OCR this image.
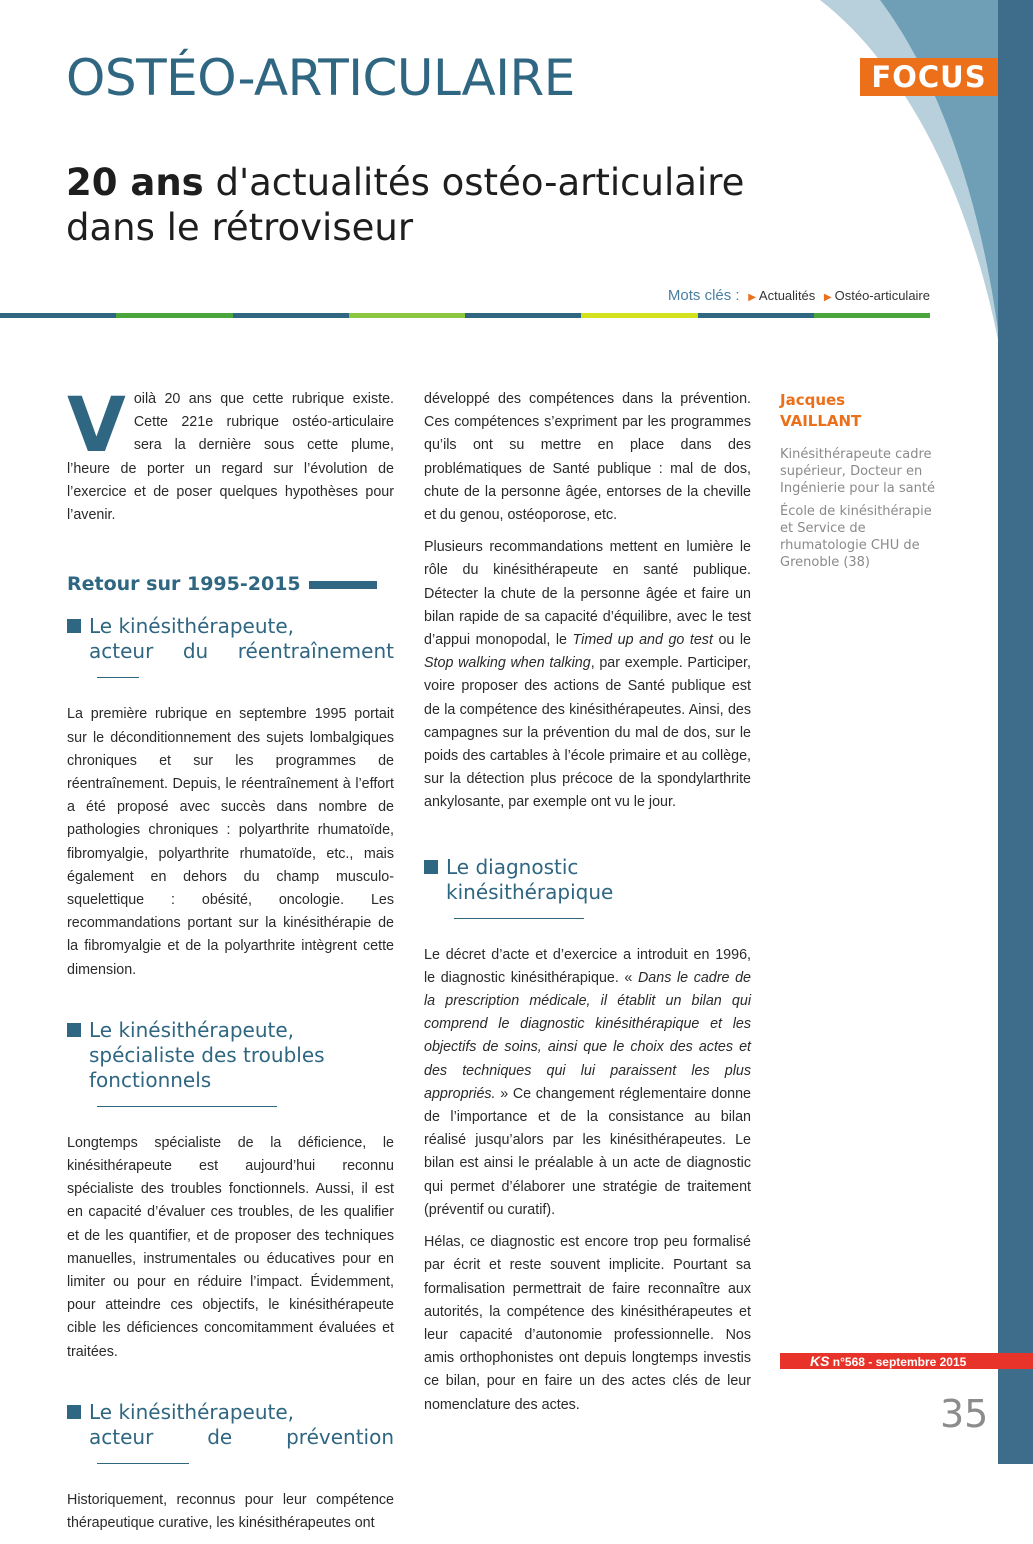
OSTÉO-ARTICULAIRE	FOCUS
20 ans d'actualités ostéo-articulaire
dans le rétroviseur
Mots clés : ▶ Actualités ▶ Ostéo-articulaire

Voilà 20 ans que cette rubrique existe. Cette 221e rubrique ostéo-articulaire sera la dernière sous cette plume, l’heure de porter un regard sur l’évolution de l’exercice et de poser quelques hypothèses pour l’avenir.

Retour sur 1995-2015
Le kinésithérapeute,
acteur du réentraînement

La première rubrique en septembre 1995 portait sur le déconditionnement des sujets lombalgiques chroniques et sur les programmes de réentraînement. Depuis, le réentraînement à l’effort a été proposé avec succès dans nombre de pathologies chroniques : polyarthrite rhumatoïde, fibromyalgie, polyarthrite rhumatoïde, etc., mais également en dehors du champ musculo-squelettique : obésité, oncologie. Les recommandations portant sur la kinésithérapie de la fibromyalgie et de la polyarthrite intègrent cette dimension.

Le kinésithérapeute,
spécialiste des troubles
fonctionnels

Longtemps spécialiste de la déficience, le kinésithérapeute est aujourd’hui reconnu spécialiste des troubles fonctionnels. Aussi, il est en capacité d’évaluer ces troubles, de les qualifier et de les quantifier, et de proposer des techniques manuelles, instrumentales ou éducatives pour en limiter ou pour en réduire l’impact. Évidemment, pour atteindre ces objectifs, le kinésithérapeute cible les déficiences concomitamment évaluées et traitées.

Le kinésithérapeute,
acteur de prévention

Historiquement, reconnus pour leur compétence thérapeutique curative, les kinésithérapeutes ont

développé des compétences dans la prévention. Ces compétences s’expriment par les programmes qu’ils ont su mettre en place dans des problématiques de Santé publique : mal de dos, chute de la personne âgée, entorses de la cheville et du genou, ostéoporose, etc.

Plusieurs recommandations mettent en lumière le rôle du kinésithérapeute en santé publique. Détecter la chute de la personne âgée et faire un bilan rapide de sa capacité d’équilibre, avec le test d’appui monopodal, le Timed up and go test ou le Stop walking when talking, par exemple. Participer, voire proposer des actions de Santé publique est de la compétence des kinésithérapeutes. Ainsi, des campagnes sur la prévention du mal de dos, sur le poids des cartables à l’école primaire et au collège, sur la détection plus précoce de la spondylarthrite ankylosante, par exemple ont vu le jour.

Le diagnostic
kinésithérapique

Le décret d’acte et d’exercice a introduit en 1996, le diagnostic kinésithérapique. « Dans le cadre de la prescription médicale, il établit un bilan qui comprend le diagnostic kinésithérapique et les objectifs de soins, ainsi que le choix des actes et des techniques qui lui paraissent les plus appropriés. » Ce changement réglementaire donne de l’importance et de la consistance au bilan réalisé jusqu’alors par les kinésithérapeutes. Le bilan est ainsi le préalable à un acte de diagnostic qui permet d’élaborer une stratégie de traitement (préventif ou curatif).

Hélas, ce diagnostic est encore trop peu formalisé par écrit et reste souvent implicite. Pourtant sa formalisation permettrait de faire reconnaître aux autorités, la compétence des kinésithérapeutes et leur capacité d’autonomie professionnelle. Nos amis orthophonistes ont depuis longtemps investis ce bilan, pour en faire un des actes clés de leur nomenclature des actes.

Jacques
VAILLANT
Kinésithérapeute cadre supérieur, Docteur en Ingénierie pour la santé
École de kinésithérapie et Service de rhumatologie CHU de Grenoble (38)
KS n°568 - septembre 2015
35
